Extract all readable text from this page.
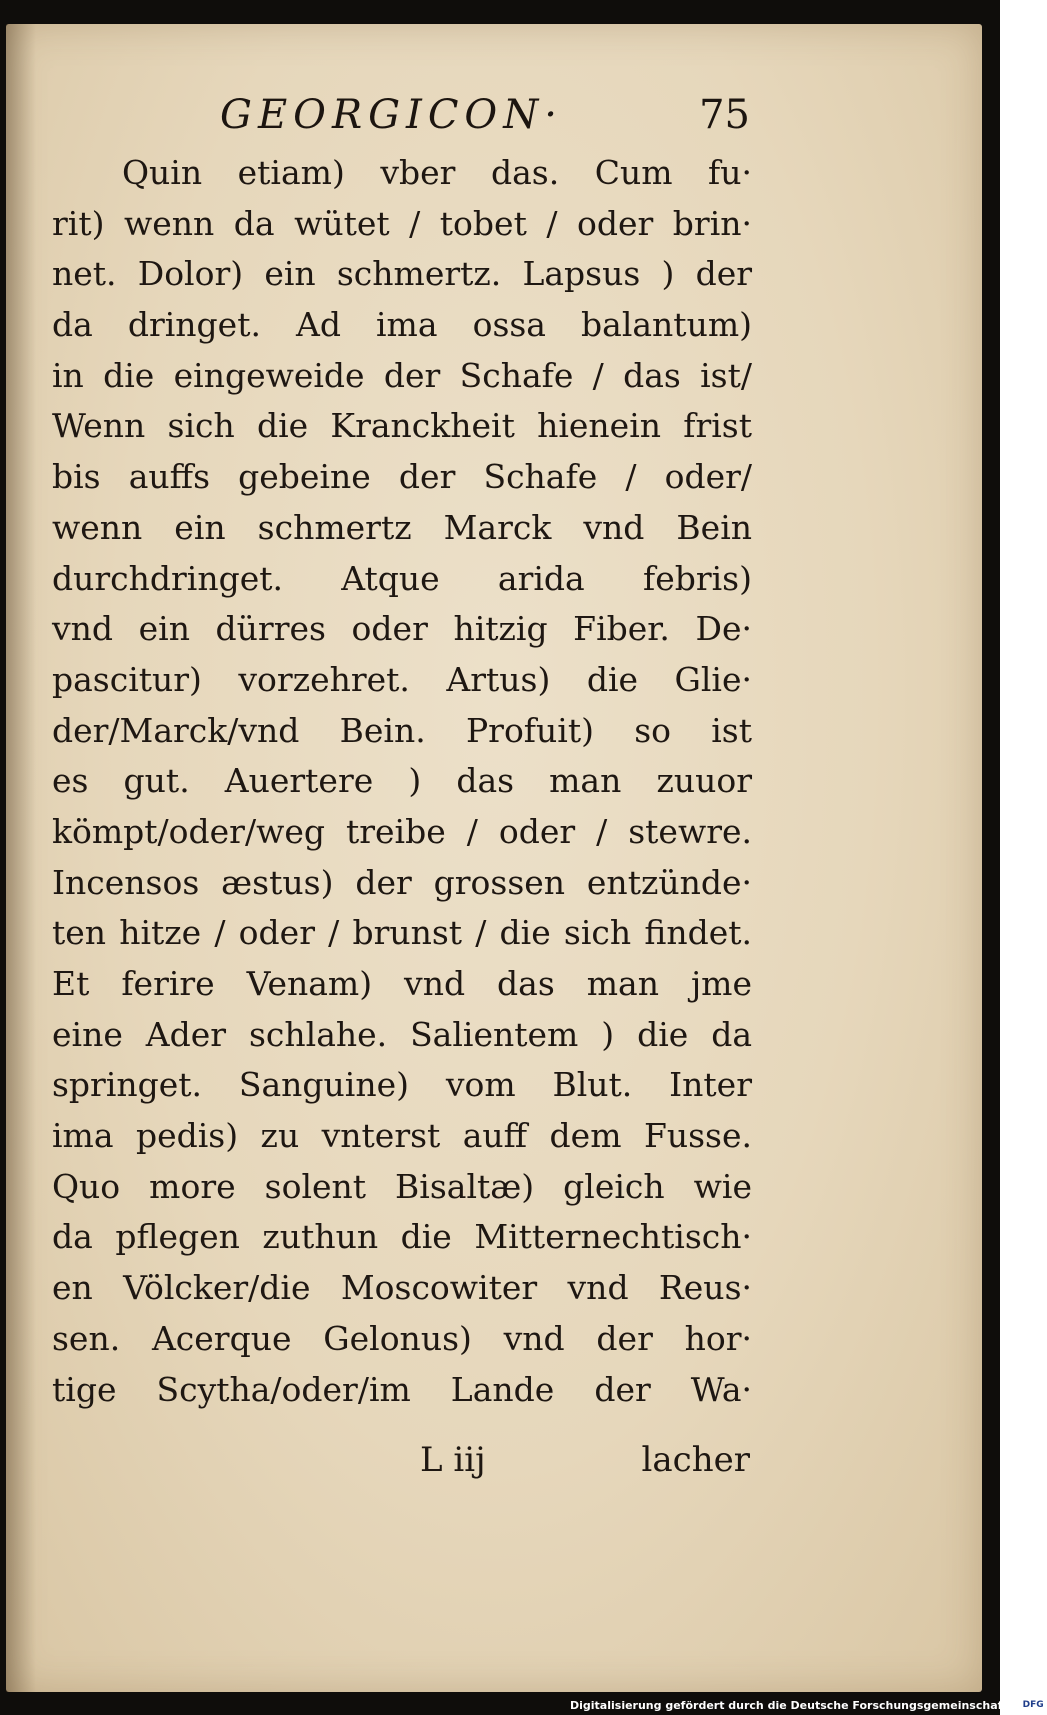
GEORGICON·	75
Quin etiam) vber das. Cum fu·
rit) wenn da wütet / tobet / oder brin·
net. Dolor) ein schmertz. Lapsus ) der
da dringet. Ad ima ossa balantum)
in die eingeweide der Schafe / das ist/
Wenn sich die Kranckheit hienein frist
bis auffs gebeine der Schafe / oder/
wenn ein schmertz Marck vnd Bein
durchdringet. Atque arida febris)
vnd ein dürres oder hitzig Fiber. De·
pascitur) vorzehret. Artus) die Glie·
der/Marck/vnd Bein. Profuit) so ist
es gut. Auertere ) das man zuuor
kömpt/oder/weg treibe / oder / stewre.
Incensos æstus) der grossen entzünde·
ten hitze / oder / brunst / die sich findet.
Et ferire Venam) vnd das man jme
eine Ader schlahe. Salientem ) die da
springet. Sanguine) vom Blut. Inter
ima pedis) zu vnterst auff dem Fusse.
Quo more solent Bisaltæ) gleich wie
da pflegen zuthun die Mitternechtisch·
en Völcker/die Moscowiter vnd Reus·
sen. Acerque Gelonus) vnd der hor·
tige Scytha/oder/im Lande der Wa·
L iij	lacher
Digitalisierung gefördert durch die Deutsche Forschungsgemeinschaft · DFG
